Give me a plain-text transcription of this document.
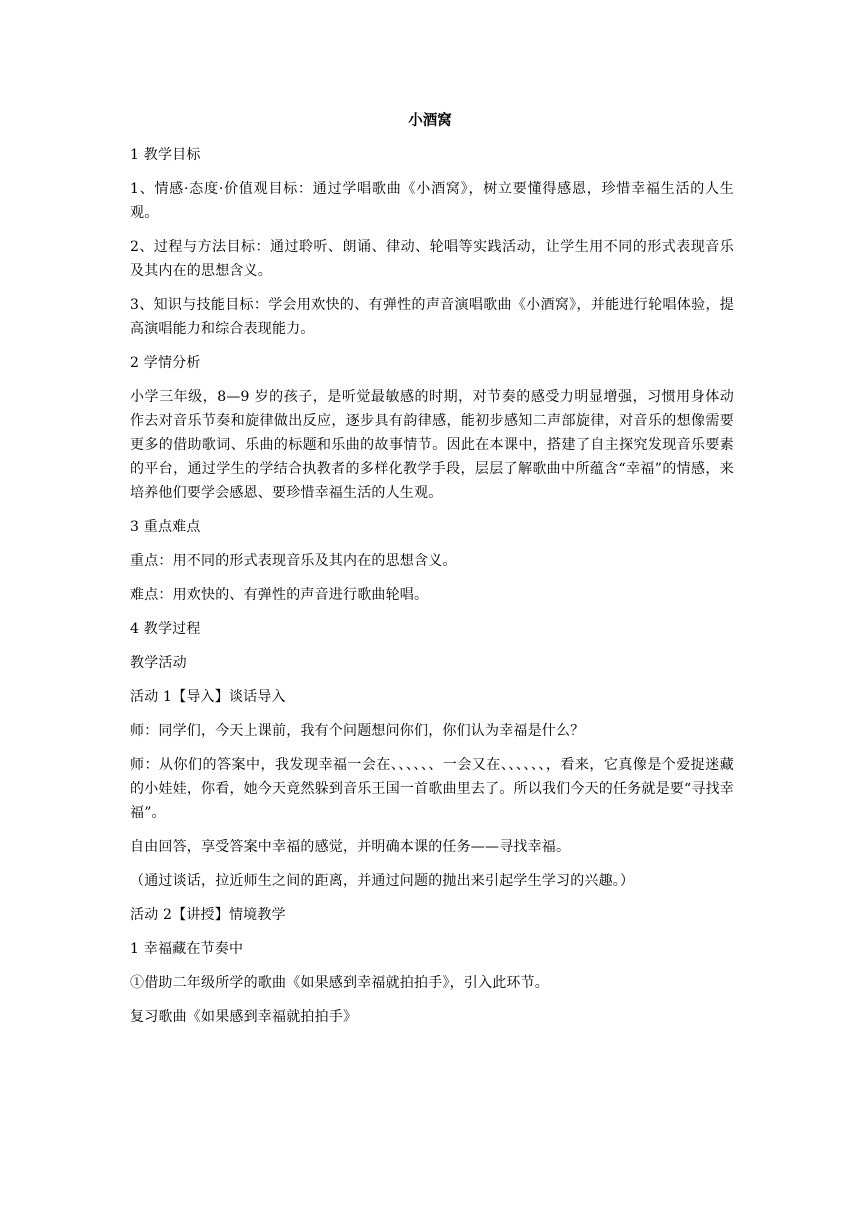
小酒窝

1 教学目标

1、情感·态度·价值观目标：通过学唱歌曲《小酒窝》，树立要懂得感恩，珍惜幸福生活的人生观。

2、过程与方法目标：通过聆听、朗诵、律动、轮唱等实践活动，让学生用不同的形式表现音乐及其内在的思想含义。

3、知识与技能目标：学会用欢快的、有弹性的声音演唱歌曲《小酒窝》，并能进行轮唱体验，提高演唱能力和综合表现能力。

2 学情分析

小学三年级，8—9 岁的孩子，是听觉最敏感的时期，对节奏的感受力明显增强，习惯用身体动作去对音乐节奏和旋律做出反应，逐步具有韵律感，能初步感知二声部旋律，对音乐的想像需要更多的借助歌词、乐曲的标题和乐曲的故事情节。因此在本课中，搭建了自主探究发现音乐要素的平台，通过学生的学结合执教者的多样化教学手段，层层了解歌曲中所蕴含“幸福”的情感，来培养他们要学会感恩、要珍惜幸福生活的人生观。

3 重点难点

重点：用不同的形式表现音乐及其内在的思想含义。

难点：用欢快的、有弹性的声音进行歌曲轮唱。

4 教学过程

教学活动

活动 1【导入】谈话导入

师：同学们，今天上课前，我有个问题想问你们，你们认为幸福是什么？

师：从你们的答案中，我发现幸福一会在、、、、、、一会又在、、、、、、，看来，它真像是个爱捉迷藏的小娃娃，你看，她今天竟然躲到音乐王国一首歌曲里去了。所以我们今天的任务就是要“寻找幸福”。

自由回答，享受答案中幸福的感觉，并明确本课的任务——寻找幸福。

（通过谈话，拉近师生之间的距离，并通过问题的抛出来引起学生学习的兴趣。）

活动 2【讲授】情境教学

1 幸福藏在节奏中

①借助二年级所学的歌曲《如果感到幸福就拍拍手》，引入此环节。

复习歌曲《如果感到幸福就拍拍手》
